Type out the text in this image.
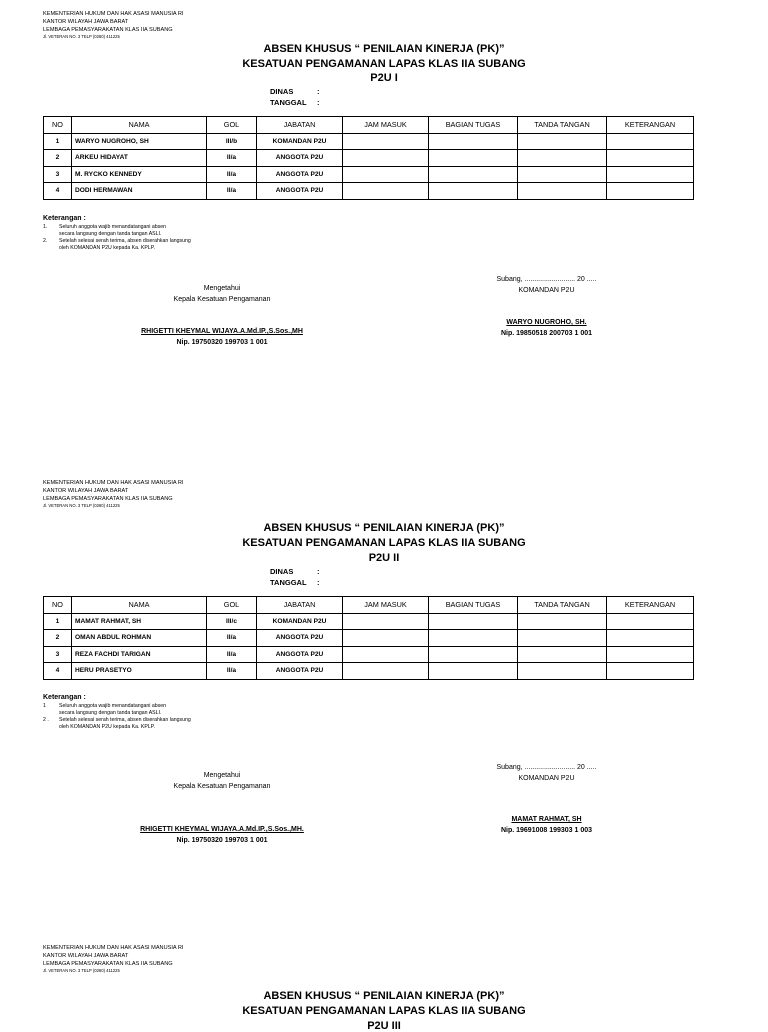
KEMENTERIAN HUKUM DAN HAK ASASI MANUSIA RI
KANTOR WILAYAH JAWA BARAT
LEMBAGA PEMASYARAKATAN KLAS IIA SUBANG
Jl. VETERAN NO. 3 TELP (0260) 411225
ABSEN KHUSUS “ PENILAIAN KINERJA (PK)”
KESATUAN PENGAMANAN LAPAS KLAS IIA SUBANG
P2U I
DINAS	:
TANGGAL :
NO	NAMA	GOL	JABATAN	JAM MASUK	BAGIAN TUGAS	TANDA TANGAN	KETERANGAN
1	WARYO NUGROHO, SH	III/b	KOMANDAN P2U				
2	ARKEU HIDAYAT	II/a	ANGGOTA P2U				
3	M. RYCKO KENNEDY	II/a	ANGGOTA P2U				
4	DODI HERMAWAN	II/a	ANGGOTA P2U				
Keterangan :
1.	Seluruh anggota wajib menandatangani absen
secara langsung dengan tanda tangan ASLI.
2.	Setelah selesai serah terima, absen diserahkan langsung
oleh KOMANDAN P2U kepada Ka. KPLP.
Mengetahui
Kepala Kesatuan Pengamanan
RHIGETTI KHEYMAL WIJAYA.A.Md.IP.,S.Sos.,MH
Nip. 19750320 199703 1 001
Subang, .......................... 20 .....
KOMANDAN P2U
WARYO NUGROHO, SH.
Nip. 19850518 200703 1 001
KEMENTERIAN HUKUM DAN HAK ASASI MANUSIA RI
KANTOR WILAYAH JAWA BARAT
LEMBAGA PEMASYARAKATAN KLAS IIA SUBANG
Jl. VETERAN NO. 3 TELP (0260) 411225
ABSEN KHUSUS “ PENILAIAN KINERJA (PK)”
KESATUAN PENGAMANAN LAPAS KLAS IIA SUBANG
P2U II
DINAS	:
TANGGAL :
NO	NAMA	GOL	JABATAN	JAM MASUK	BAGIAN TUGAS	TANDA TANGAN	KETERANGAN
1	MAMAT RAHMAT, SH	III/c	KOMANDAN P2U				
2	OMAN ABDUL ROHMAN	II/a	ANGGOTA P2U				
3	REZA FACHDI TARIGAN	II/a	ANGGOTA P2U				
4	HERU PRASETYO	II/a	ANGGOTA P2U				
Keterangan :
1	Seluruh anggota wajib menandatangani absen
secara langsung dengan tanda tangan ASLI.
2 .	Setelah selesai serah terima, absen diserahkan langsung
oleh KOMANDAN P2U kepada Ka. KPLP.
Mengetahui
Kepala Kesatuan Pengamanan
RHIGETTI KHEYMAL WIJAYA.A.Md.IP.,S.Sos.,MH.
Nip. 19750320 199703 1 001
Subang, .......................... 20 .....
KOMANDAN P2U
MAMAT RAHMAT, SH
Nip. 19691008 199303 1 003
KEMENTERIAN HUKUM DAN HAK ASASI MANUSIA RI
KANTOR WILAYAH JAWA BARAT
LEMBAGA PEMASYARAKATAN KLAS IIA SUBANG
Jl. VETERAN NO. 3 TELP (0260) 411225
ABSEN KHUSUS “ PENILAIAN KINERJA (PK)”
KESATUAN PENGAMANAN LAPAS KLAS IIA SUBANG
P2U III
